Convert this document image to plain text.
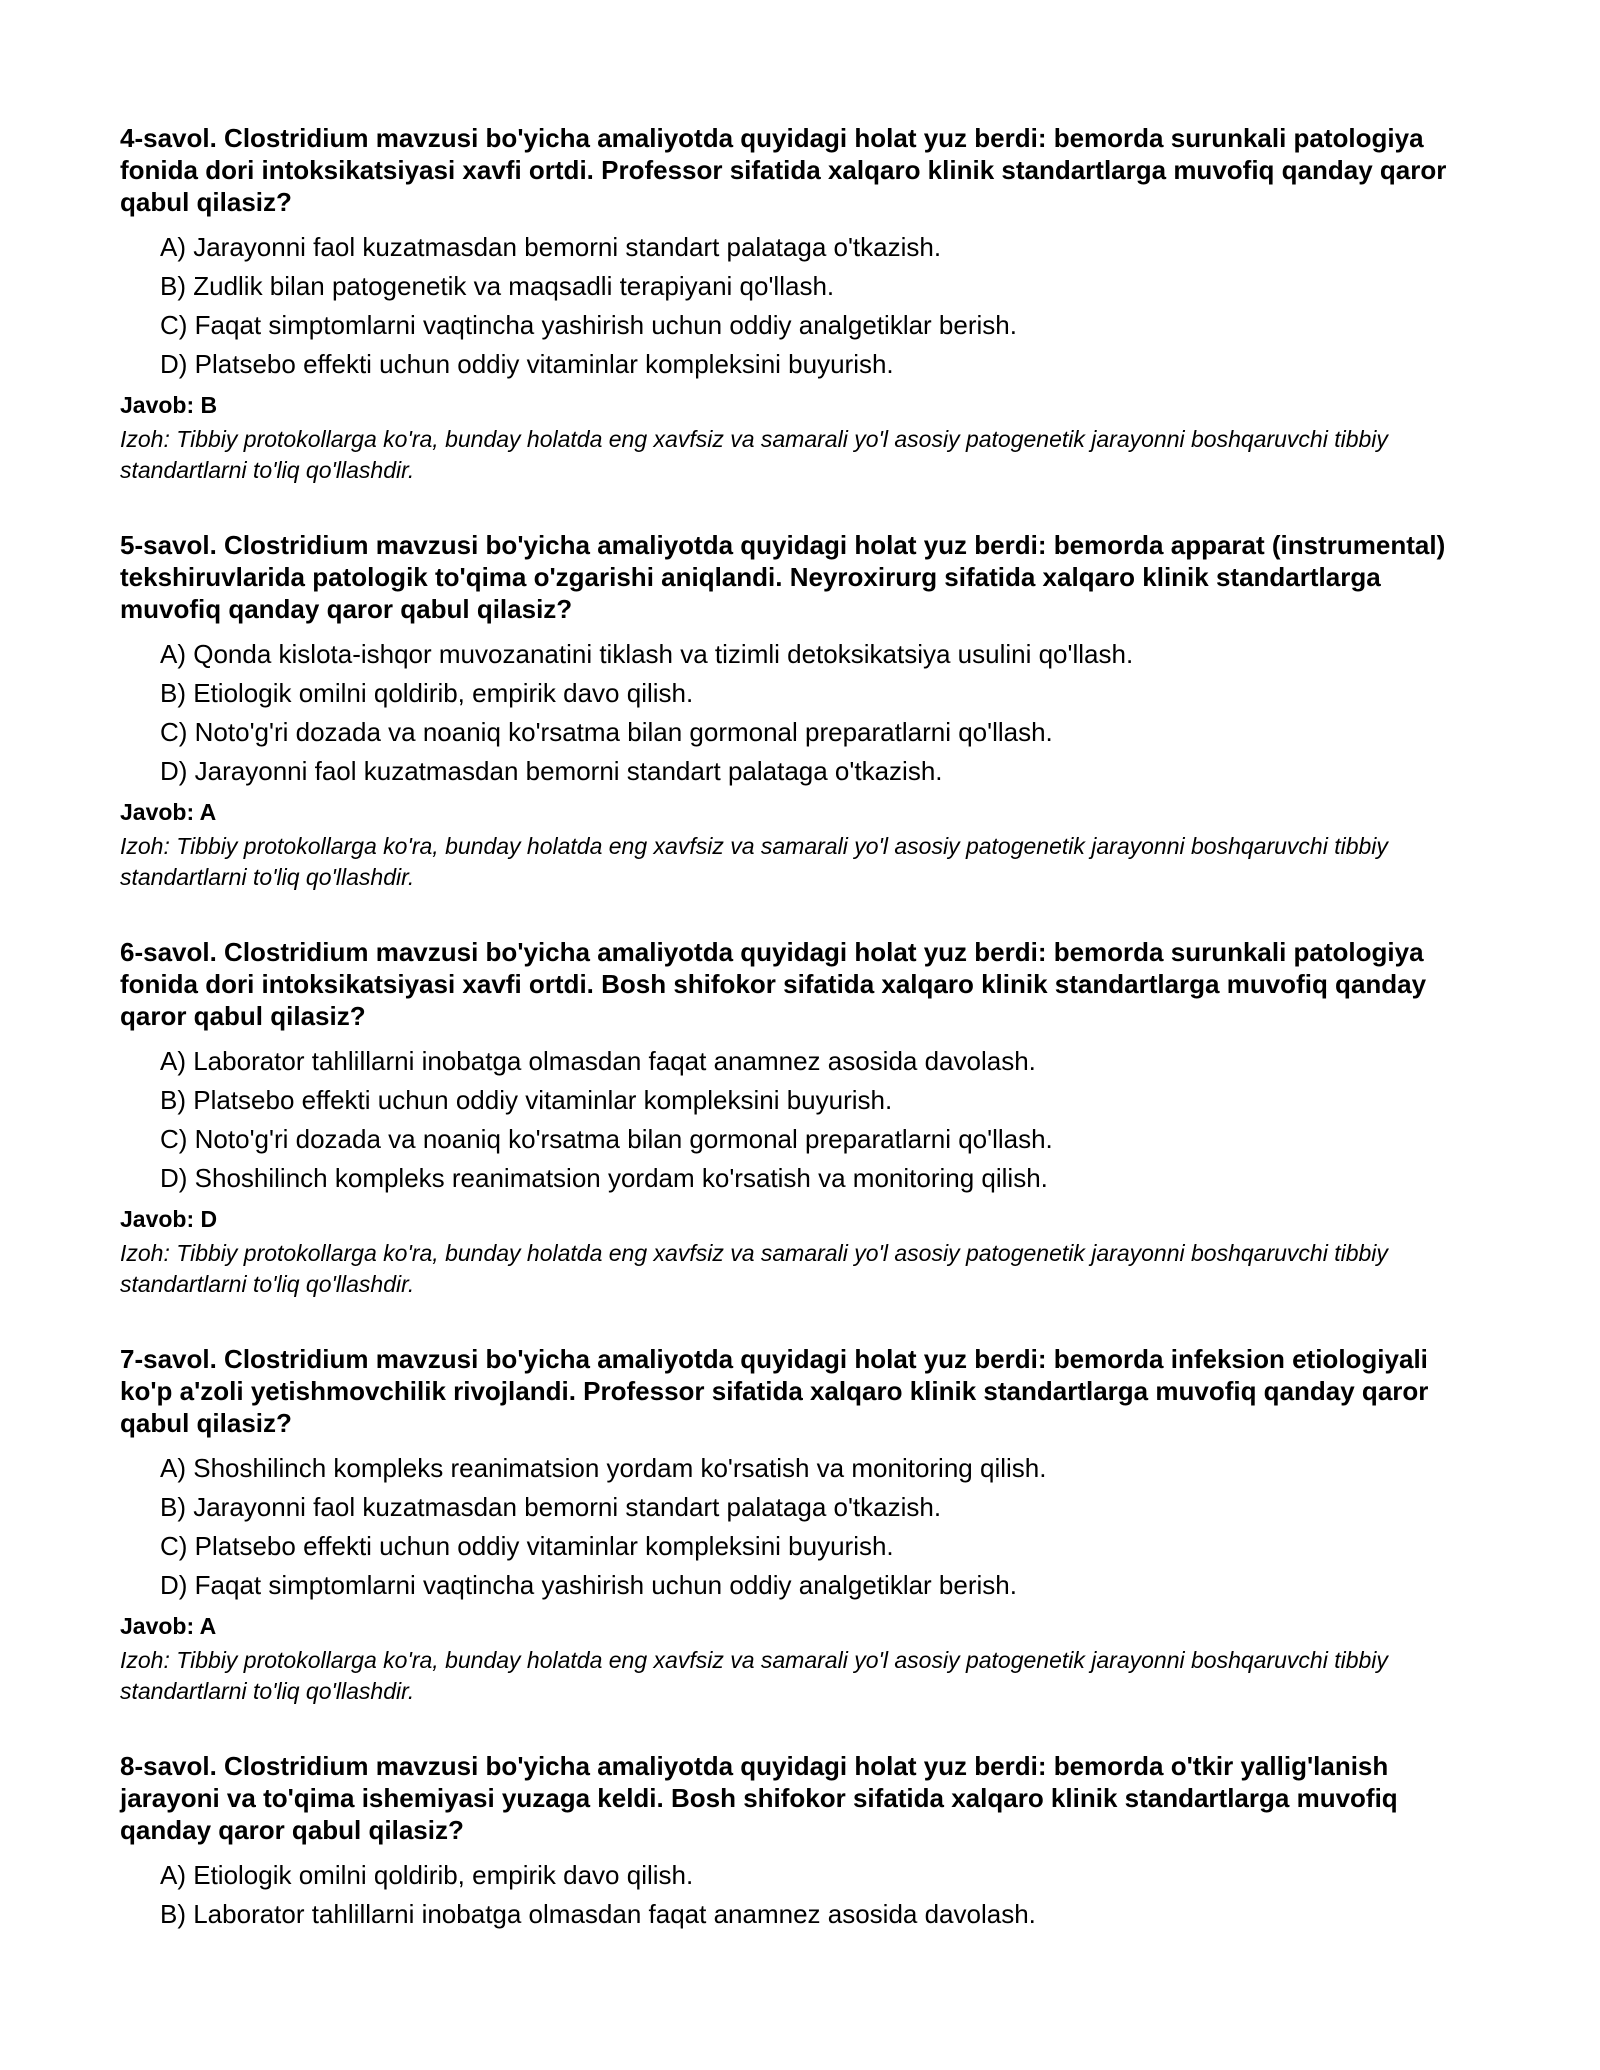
4-savol. Clostridium mavzusi bo'yicha amaliyotda quyidagi holat yuz berdi: bemorda surunkali patologiya fonida dori intoksikatsiyasi xavfi ortdi. Professor sifatida xalqaro klinik standartlarga muvofiq qanday qaror qabul qilasiz?

A) Jarayonni faol kuzatmasdan bemorni standart palataga o'tkazish.
B) Zudlik bilan patogenetik va maqsadli terapiyani qo'llash.
C) Faqat simptomlarni vaqtincha yashirish uchun oddiy analgetiklar berish.
D) Platsebo effekti uchun oddiy vitaminlar kompleksini buyurish.

Javob: B

Izoh: Tibbiy protokollarga ko'ra, bunday holatda eng xavfsiz va samarali yo'l asosiy patogenetik jarayonni boshqaruvchi tibbiy standartlarni to'liq qo'llashdir.

5-savol. Clostridium mavzusi bo'yicha amaliyotda quyidagi holat yuz berdi: bemorda apparat (instrumental) tekshiruvlarida patologik to'qima o'zgarishi aniqlandi. Neyroxirurg sifatida xalqaro klinik standartlarga muvofiq qanday qaror qabul qilasiz?

A) Qonda kislota-ishqor muvozanatini tiklash va tizimli detoksikatsiya usulini qo'llash.
B) Etiologik omilni qoldirib, empirik davo qilish.
C) Noto'g'ri dozada va noaniq ko'rsatma bilan gormonal preparatlarni qo'llash.
D) Jarayonni faol kuzatmasdan bemorni standart palataga o'tkazish.

Javob: A

Izoh: Tibbiy protokollarga ko'ra, bunday holatda eng xavfsiz va samarali yo'l asosiy patogenetik jarayonni boshqaruvchi tibbiy standartlarni to'liq qo'llashdir.

6-savol. Clostridium mavzusi bo'yicha amaliyotda quyidagi holat yuz berdi: bemorda surunkali patologiya fonida dori intoksikatsiyasi xavfi ortdi. Bosh shifokor sifatida xalqaro klinik standartlarga muvofiq qanday qaror qabul qilasiz?

A) Laborator tahlillarni inobatga olmasdan faqat anamnez asosida davolash.
B) Platsebo effekti uchun oddiy vitaminlar kompleksini buyurish.
C) Noto'g'ri dozada va noaniq ko'rsatma bilan gormonal preparatlarni qo'llash.
D) Shoshilinch kompleks reanimatsion yordam ko'rsatish va monitoring qilish.

Javob: D

Izoh: Tibbiy protokollarga ko'ra, bunday holatda eng xavfsiz va samarali yo'l asosiy patogenetik jarayonni boshqaruvchi tibbiy standartlarni to'liq qo'llashdir.

7-savol. Clostridium mavzusi bo'yicha amaliyotda quyidagi holat yuz berdi: bemorda infeksion etiologiyali ko'p a'zoli yetishmovchilik rivojlandi. Professor sifatida xalqaro klinik standartlarga muvofiq qanday qaror qabul qilasiz?

A) Shoshilinch kompleks reanimatsion yordam ko'rsatish va monitoring qilish.
B) Jarayonni faol kuzatmasdan bemorni standart palataga o'tkazish.
C) Platsebo effekti uchun oddiy vitaminlar kompleksini buyurish.
D) Faqat simptomlarni vaqtincha yashirish uchun oddiy analgetiklar berish.

Javob: A

Izoh: Tibbiy protokollarga ko'ra, bunday holatda eng xavfsiz va samarali yo'l asosiy patogenetik jarayonni boshqaruvchi tibbiy standartlarni to'liq qo'llashdir.

8-savol. Clostridium mavzusi bo'yicha amaliyotda quyidagi holat yuz berdi: bemorda o'tkir yallig'lanish jarayoni va to'qima ishemiyasi yuzaga keldi. Bosh shifokor sifatida xalqaro klinik standartlarga muvofiq qanday qaror qabul qilasiz?

A) Etiologik omilni qoldirib, empirik davo qilish.
B) Laborator tahlillarni inobatga olmasdan faqat anamnez asosida davolash.
